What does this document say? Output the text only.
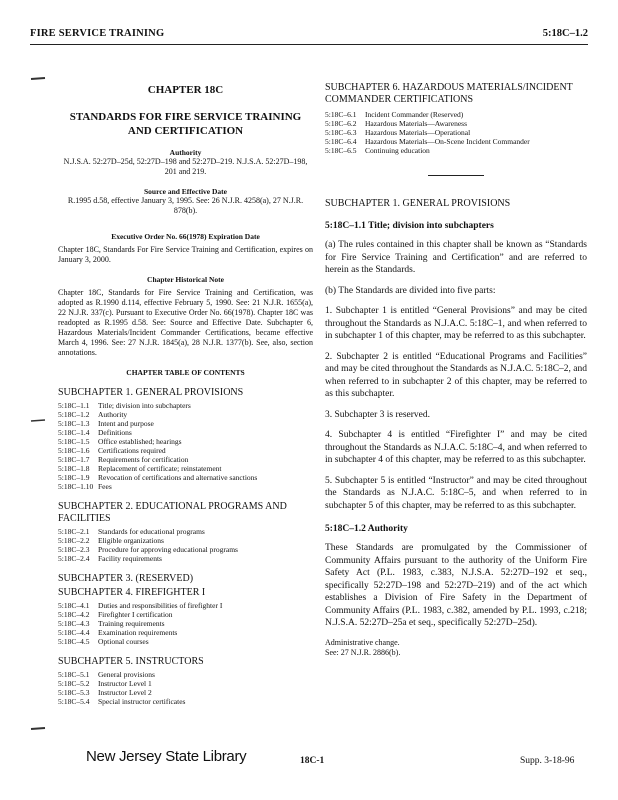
FIRE SERVICE TRAINING	5:18C–1.2
CHAPTER 18C
STANDARDS FOR FIRE SERVICE TRAINING AND CERTIFICATION
Authority
N.J.S.A. 52:27D–25d, 52:27D–198 and 52:27D–219. N.J.S.A. 52:27D–198, 201 and 219.
Source and Effective Date
R.1995 d.58, effective January 3, 1995. See: 26 N.J.R. 4258(a), 27 N.J.R. 878(b).
Executive Order No. 66(1978) Expiration Date
Chapter 18C, Standards For Fire Service Training and Certification, expires on January 3, 2000.
Chapter Historical Note
Chapter 18C, Standards for Fire Service Training and Certification, was adopted as R.1990 d.114, effective February 5, 1990. See: 21 N.J.R. 1655(a), 22 N.J.R. 337(c). Pursuant to Executive Order No. 66(1978). Chapter 18C was readopted as R.1995 d.58. See: Source and Effective Date. Subchapter 6, Hazardous Materials/Incident Commander Certifications, became effective March 4, 1996. See: 27 N.J.R. 1845(a), 28 N.J.R. 1377(b). See, also, section annotations.
CHAPTER TABLE OF CONTENTS
SUBCHAPTER 1. GENERAL PROVISIONS
5:18C–1.1	Title; division into subchapters
5:18C–1.2	Authority
5:18C–1.3	Intent and purpose
5:18C–1.4	Definitions
5:18C–1.5	Office established; hearings
5:18C–1.6	Certifications required
5:18C–1.7	Requirements for certification
5:18C–1.8	Replacement of certificate; reinstatement
5:18C–1.9	Revocation of certifications and alternative sanctions
5:18C–1.10	Fees
SUBCHAPTER 2. EDUCATIONAL PROGRAMS AND FACILITIES
5:18C–2.1	Standards for educational programs
5:18C–2.2	Eligible organizations
5:18C–2.3	Procedure for approving educational programs
5:18C–2.4	Facility requirements
SUBCHAPTER 3. (RESERVED)
SUBCHAPTER 4. FIREFIGHTER I
5:18C–4.1	Duties and responsibilities of firefighter I
5:18C–4.2	Firefighter I certification
5:18C–4.3	Training requirements
5:18C–4.4	Examination requirements
5:18C–4.5	Optional courses
SUBCHAPTER 5. INSTRUCTORS
5:18C–5.1	General provisions
5:18C–5.2	Instructor Level 1
5:18C–5.3	Instructor Level 2
5:18C–5.4	Special instructor certificates
SUBCHAPTER 6. HAZARDOUS MATERIALS/INCIDENT COMMANDER CERTIFICATIONS
5:18C–6.1	Incident Commander (Reserved)
5:18C–6.2	Hazardous Materials—Awareness
5:18C–6.3	Hazardous Materials—Operational
5:18C–6.4	Hazardous Materials—On-Scene Incident Commander
5:18C–6.5	Continuing education
SUBCHAPTER 1. GENERAL PROVISIONS
5:18C–1.1 Title; division into subchapters
(a) The rules contained in this chapter shall be known as “Standards for Fire Service Training and Certification” and are referred to herein as the Standards.
(b) The Standards are divided into five parts:
1. Subchapter 1 is entitled “General Provisions” and may be cited throughout the Standards as N.J.A.C. 5:18C–1, and when referred to in subchapter 1 of this chapter, may be referred to as this subchapter.
2. Subchapter 2 is entitled “Educational Programs and Facilities” and may be cited throughout the Standards as N.J.A.C. 5:18C–2, and when referred to in subchapter 2 of this chapter, may be referred to as this subchapter.
3. Subchapter 3 is reserved.
4. Subchapter 4 is entitled “Firefighter I” and may be cited throughout the Standards as N.J.A.C. 5:18C–4, and when referred to in subchapter 4 of this chapter, may be referred to as this subchapter.
5. Subchapter 5 is entitled “Instructor” and may be cited throughout the Standards as N.J.A.C. 5:18C–5, and when referred to in subchapter 5 of this chapter, may be referred to as this subchapter.
5:18C–1.2 Authority
These Standards are promulgated by the Commissioner of Community Affairs pursuant to the authority of the Uniform Fire Safety Act (P.L. 1983, c.383, N.J.S.A. 52:27D–192 et seq., specifically 52:27D–198 and 52:27D–219) and of the act which establishes a Division of Fire Safety in the Department of Community Affairs (P.L. 1983, c.382, amended by P.L. 1993, c.218; N.J.S.A. 52:27D–25a et seq., specifically 52:27D–25d).
Administrative change.
See: 27 N.J.R. 2886(b).
New Jersey State Library	18C-1	Supp. 3-18-96
